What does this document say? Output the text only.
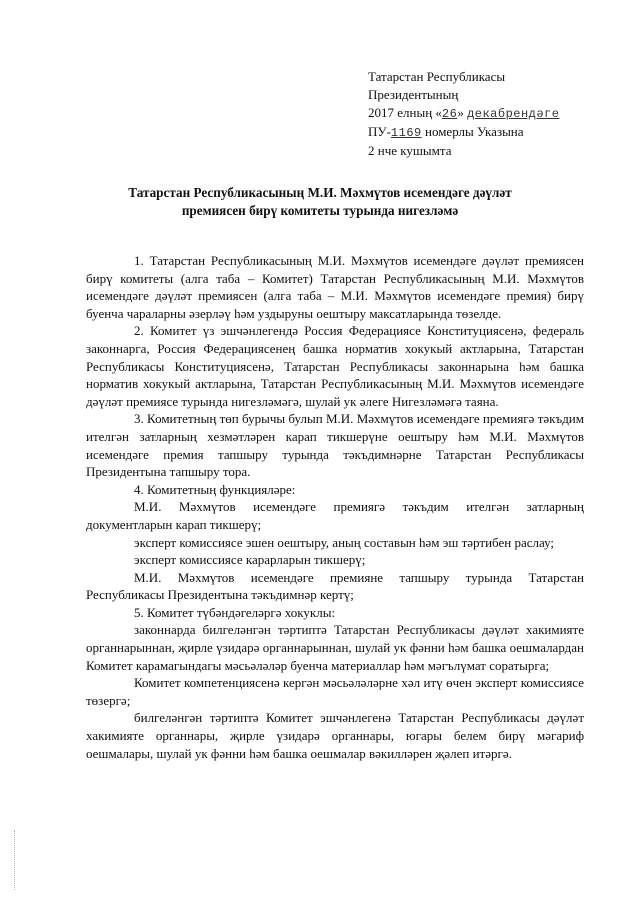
Татарстан Республикасы
Президентының
2017 елның «26» декабрендәге
ПУ-1169 номерлы Указына
2 нче кушымта
Татарстан Республикасының М.И. Мәхмүтов исемендәге дәүләт
премиясен бирү комитеты турында нигезләмә

1. Татарстан Республикасының М.И. Мәхмүтов исемендәге дәүләт премиясен бирү комитеты (алга таба – Комитет) Татарстан Республикасының М.И. Мәхмүтов исемендәге дәүләт премиясен (алга таба – М.И. Мәхмүтов исемендәге премия) бирү буенча чараларны әзерләү һәм уздыруны оештыру максатларында төзелде.

2. Комитет үз эшчәнлегендә Россия Федерациясе Конституциясенә, федераль законнарга, Россия Федерациясенең башка норматив хокукый актларына, Татарстан Республикасы Конституциясенә, Татарстан Республикасы законнарына һәм башка норматив хокукый актларына, Татарстан Республикасының М.И. Мәхмүтов исемендәге дәүләт премиясе турында нигезләмәгә, шулай ук әлеге Нигезләмәгә таяна.

3. Комитетның төп бурычы булып М.И. Мәхмүтов исемендәге премиягә тәкъдим ителгән затларның хезмәтләрен карап тикшерүне оештыру һәм М.И. Мәхмүтов исемендәге премия тапшыру турында тәкъдимнәрне Татарстан Республикасы Президентына тапшыру тора.

4. Комитетның функцияләре:

М.И. Мәхмүтов исемендәге премиягә тәкъдим ителгән затларның документларын карап тикшерү;

эксперт комиссиясе эшен оештыру, аның составын һәм эш тәртибен раслау;

эксперт комиссиясе карарларын тикшерү;

М.И. Мәхмүтов исемендәге премияне тапшыру турында Татарстан Республикасы Президентына тәкъдимнәр кертү;

5. Комитет түбәндәгеләргә хокуклы:

законнарда билгеләнгән тәртиптә Татарстан Республикасы дәүләт хакимияте органнарыннан, җирле үзидарә органнарыннан, шулай ук фәнни һәм башка оешмалардан Комитет карамагындагы мәсьәләләр буенча материаллар һәм мәгълүмат соратырга;

Комитет компетенциясенә кергән мәсьәләләрне хәл итү өчен эксперт комиссиясе төзергә;

билгеләнгән тәртиптә Комитет эшчәнлегенә Татарстан Республикасы дәүләт хакимияте органнары, җирле үзидарә органнары, югары белем бирү мәгариф оешмалары, шулай ук фәнни һәм башка оешмалар вәкилләрен җәлеп итәргә.
